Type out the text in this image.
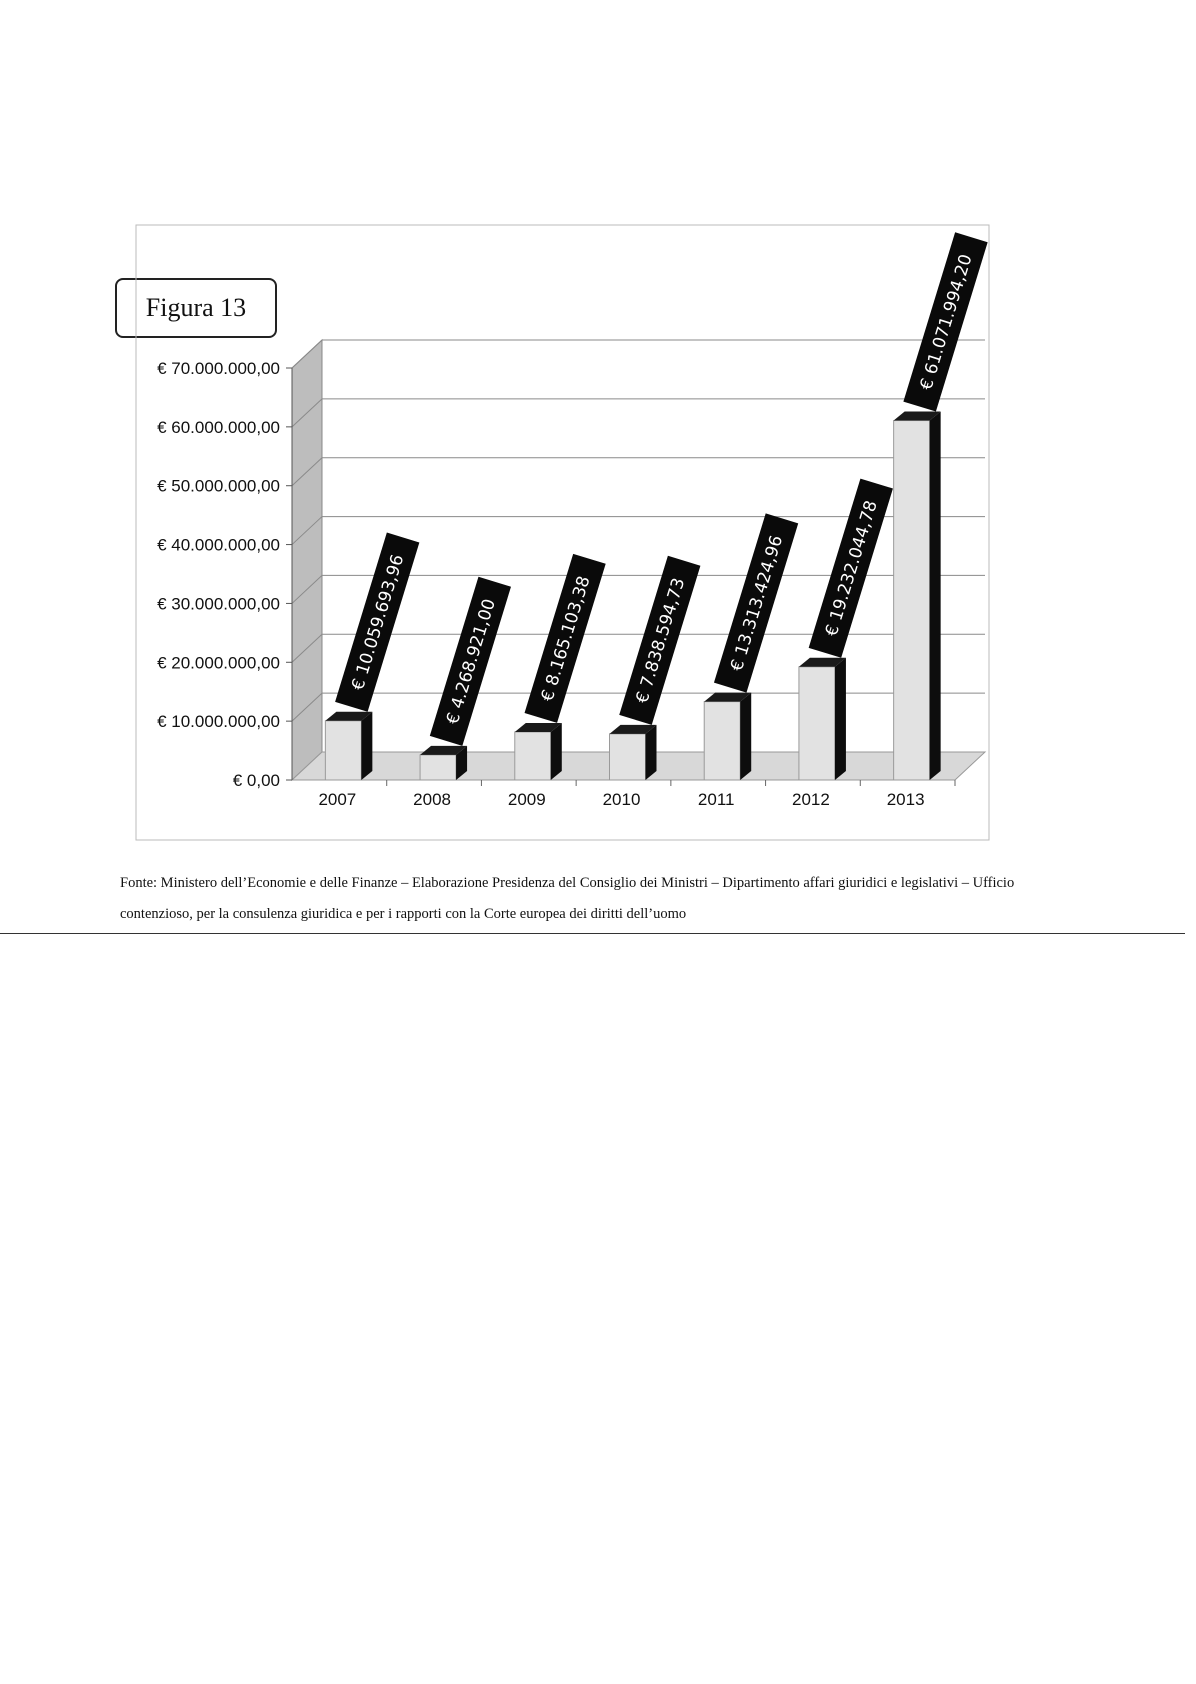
Figura 13
€ 0,00
€ 10.000.000,00
€ 20.000.000,00
€ 30.000.000,00
€ 40.000.000,00
€ 50.000.000,00
€ 60.000.000,00
€ 70.000.000,00
2007	2008	2009	2010	2011	2012	2013
€ 10.059.693,96 € 4.268.921,00 € 8.165.103,38 € 7.838.594,73 € 13.313.424,96 € 19.232.044,78
€ 61.071.994,20
Fonte: Ministero dell’Economie e delle Finanze – Elaborazione Presidenza del Consiglio dei Ministri – Dipartimento affari giuridici e legislativi – Ufficio contenzioso, per la consulenza giuridica e per i rapporti con la Corte europea dei diritti dell’uomo
